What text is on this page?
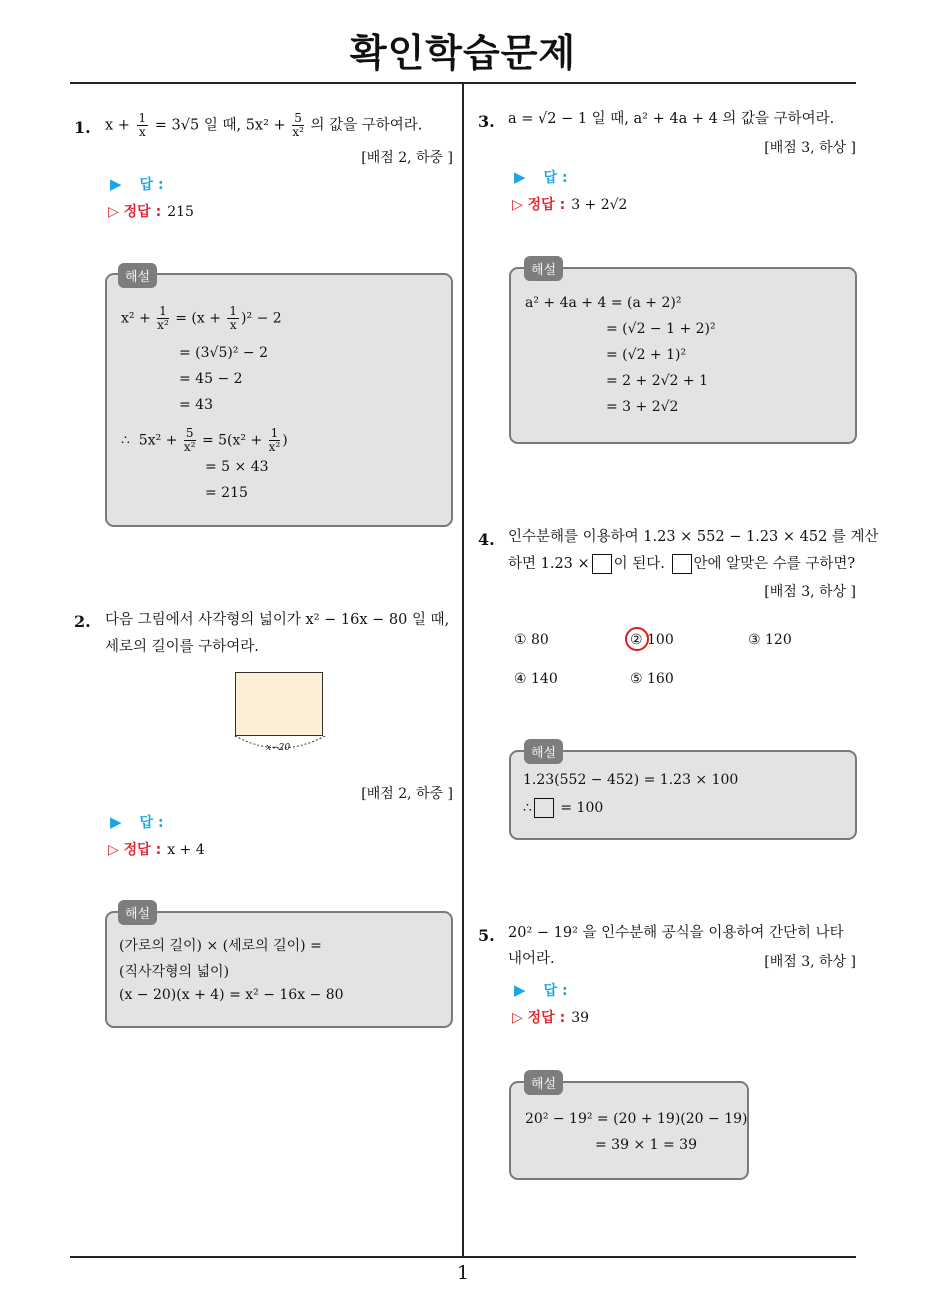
확인학습문제
1
1. $x + \frac{1}{x} = 3√5$ 일 때, $5x^2 + \frac{5}{\text{x²}}$ 의 값을 구하여라.
[배점 2, 하중 ]
▶ 답 :
▷ 정답 : 215
$x^2 + \frac{1}{\text{x²}} = (x + \frac{1}{x} )^2 - 2$
= (3√5)² − 2
= 45 − 2
= 43
∴  $5x^2 + \frac{5}{\text{x²}} = 5(x^2 + \frac{1}{\text{x²}}$ )
= 5 × 43
= 215
해설
2. 다음 그림에서 사각형의 넓이가 x² − 16x − 80 일 때,
세로의 길이를 구하여라.
x−20
[배점 2, 하중 ]
▶ 답 :
▷ 정답 : x + 4
(가로의 길이) × (세로의 길이) =
(직사각형의 넓이)
(x − 20)(x + 4) = x² − 16x − 80
해설
3. a = √2 − 1 일 때, a² + 4a + 4 의 값을 구하여라.
[배점 3, 하상 ]
▶ 답 :
▷ 정답 : 3 + 2√2
a² + 4a + 4 = (a + 2)²
= (√2 − 1 + 2)²
= (√2 + 1)²
= 2 + 2√2 + 1
= 3 + 2√2
해설
4. 인수분해를 이용하여 1.23 × 552 − 1.23 × 452 를 계산
하면 1.23 × 이 된다. 안에 알맞은 수를 구하면?
[배점 3, 하상 ]
① 80	② 100	③ 120
④ 140	⑤ 160
1.23(552 − 452) = 1.23 × 100
∴ = 100
해설
5. 20² − 19² 을 인수분해 공식을 이용하여 간단히 나타
내어라.	[배점 3, 하상 ]
▶ 답 :
▷ 정답 : 39
20² − 19² = (20 + 19)(20 − 19)
= 39 × 1 = 39
해설
